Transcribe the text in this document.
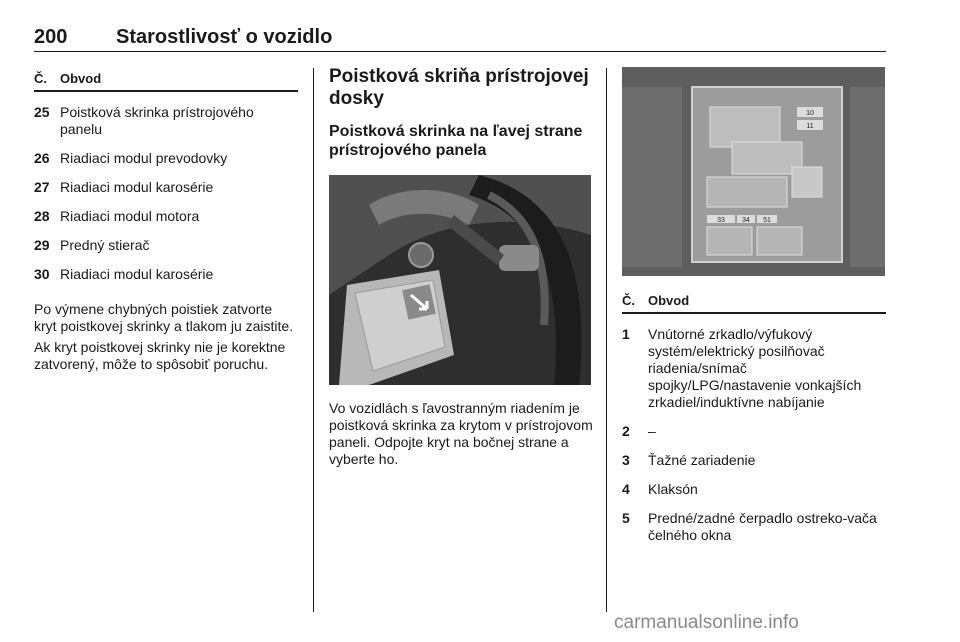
200 Starostlivosť o vozidlo
Č.	Obvod
25 Poistková skrinka prístrojového panelu
26 Riadiaci modul prevodovky
27 Riadiaci modul karosérie
28 Riadiaci modul motora
29 Predný stierač
30 Riadiaci modul karosérie

Po výmene chybných poistiek zatvorte kryt poistkovej skrinky a tlakom ju zaistite.

Ak kryt poistkovej skrinky nie je korektne zatvorený, môže to spôsobiť poruchu.

Poistková skriňa prístrojovej dosky
Poistková skrinka na ľavej strane prístrojového panela

Vo vozidlách s ľavostranným riadením je poistková skrinka za krytom v prístrojovom paneli. Odpojte kryt na bočnej strane a vyberte ho.

10
11
33 34 51
Č.	Obvod
1	Vnútorné zrkadlo/výfukový systém/elektrický posilňovač riadenia/snímač spojky/LPG/nastavenie vonkajších zrkadiel/induktívne nabíjanie
2	–
3	Ťažné zariadenie
4	Klaksón
5	Predné/zadné čerpadlo ostreko-vača čelného okna
carmanualsonline.info
